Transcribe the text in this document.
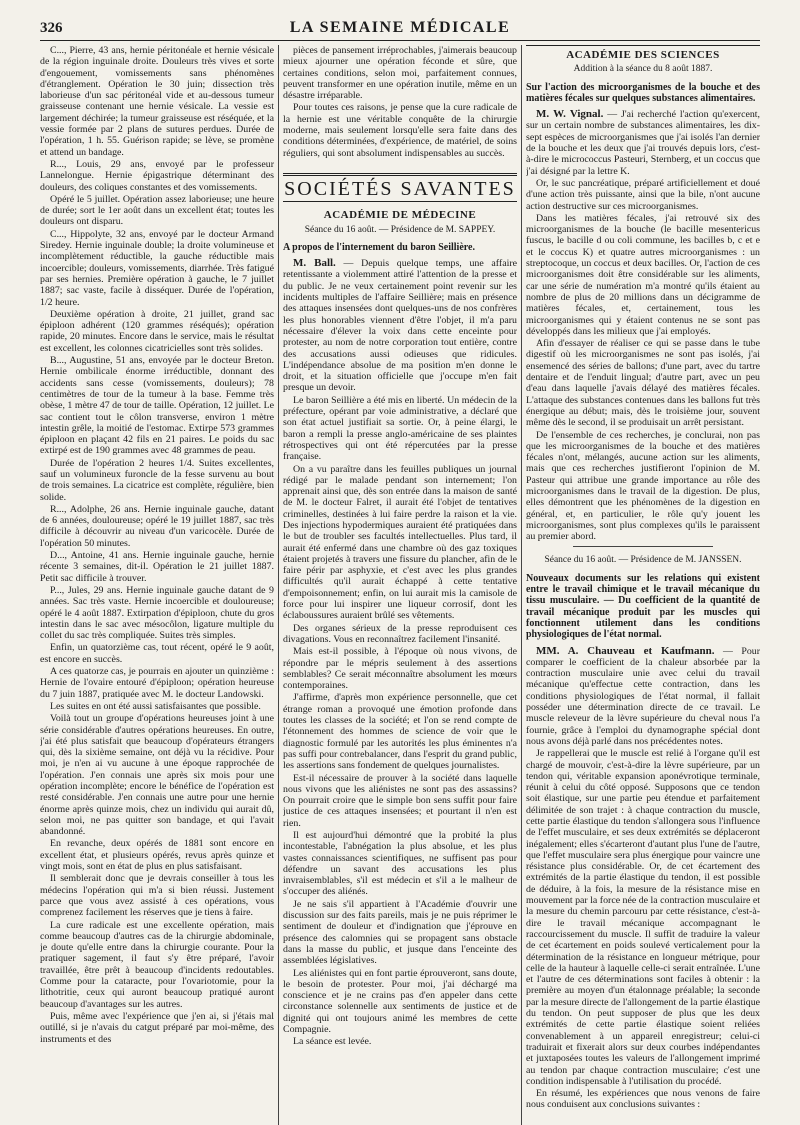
326	LA SEMAINE MÉDICALE

C..., Pierre, 43 ans, hernie péritonéale et hernie vésicale de la région inguinale droite. Douleurs très vives et sorte d'engouement, vomissements sans phénomènes d'étranglement. Opération le 30 juin; dissection très laborieuse d'un sac péritonéal vide et au-dessous tumeur graisseuse contenant une hernie vésicale. La vessie est largement déchirée; la tumeur graisseuse est réséquée, et la vessie formée par 2 plans de sutures perdues. Durée de l'opération, 1 h. 55. Guérison rapide; se lève, se promène et attend un bandage.

R..., Louis, 29 ans, envoyé par le professeur Lannelongue. Hernie épigastrique déterminant des douleurs, des coliques constantes et des vomissements.

Opéré le 5 juillet. Opération assez laborieuse; une heure de durée; sort le 1er août dans un excellent état; toutes les douleurs ont disparu.

C..., Hippolyte, 32 ans, envoyé par le docteur Armand Siredey. Hernie inguinale double; la droite volumineuse et incomplètement réductible, la gauche réductible mais incoercible; douleurs, vomissements, diarrhée. Très fatigué par ses hernies. Première opération à gauche, le 7 juillet 1887; sac vaste, facile à disséquer. Durée de l'opération, 1/2 heure.

Deuxième opération à droite, 21 juillet, grand sac épiploon adhérent (120 grammes réséqués); opération rapide, 20 minutes. Encore dans le service, mais le résultat est excellent, les colonnes cicatricielles sont très solides.

B..., Augustine, 51 ans, envoyée par le docteur Breton. Hernie ombilicale énorme irréductible, donnant des accidents sans cesse (vomissements, douleurs); 78 centimètres de tour de la tumeur à la base. Femme très obèse, 1 mètre 47 de tour de taille. Opération, 12 juillet. Le sac contient tout le côlon transverse, environ 1 mètre intestin grêle, la moitié de l'estomac. Extirpe 573 grammes épiploon en plaçant 42 fils en 21 paires. Le poids du sac extirpé est de 190 grammes avec 48 grammes de peau.

Durée de l'opération 2 heures 1/4. Suites excellentes, sauf un volumineux furoncle de la fesse survenu au bout de trois semaines. La cicatrice est complète, régulière, bien solide.

R..., Adolphe, 26 ans. Hernie inguinale gauche, datant de 6 années, douloureuse; opéré le 19 juillet 1887, sac très difficile à découvrir au niveau d'un varicocèle. Durée de l'opération 50 minutes.

D..., Antoine, 41 ans. Hernie inguinale gauche, hernie récente 3 semaines, dit-il. Opération le 21 juillet 1887. Petit sac difficile à trouver.

P..., Jules, 29 ans. Hernie inguinale gauche datant de 9 années. Sac très vaste. Hernie incoercible et douloureuse; opéré le 4 août 1887. Extirpation d'épiploon, chute du gros intestin dans le sac avec mésocôlon, ligature multiple du collet du sac très compliquée. Suites très simples.

Enfin, un quatorzième cas, tout récent, opéré le 9 août, est encore en succès.

A ces quatorze cas, je pourrais en ajouter un quinzième : Hernie de l'ovaire entouré d'épiploon; opération heureuse du 7 juin 1887, pratiquée avec M. le docteur Landowski.

Les suites en ont été aussi satisfaisantes que possible.

Voilà tout un groupe d'opérations heureuses joint à une série considérable d'autres opérations heureuses. En outre, j'ai été plus satisfait que beaucoup d'opérateurs étrangers qui, dès la sixième semaine, ont déjà vu la récidive. Pour moi, je n'en ai vu aucune à une époque rapprochée de l'opération. J'en connais une après six mois pour une opération incomplète; encore le bénéfice de l'opération est resté considérable. J'en connais une autre pour une hernie énorme après quinze mois, chez un individu qui aurait dû, selon moi, ne pas quitter son bandage, et qui l'avait abandonné.

En revanche, deux opérés de 1881 sont encore en excellent état, et plusieurs opérés, revus après quinze et vingt mois, sont en état de plus en plus satisfaisant.

Il semblerait donc que je devrais conseiller à tous les médecins l'opération qui m'a si bien réussi. Justement parce que vous avez assisté à ces opérations, vous comprenez facilement les réserves que je tiens à faire.

La cure radicale est une excellente opération, mais comme beaucoup d'autres cas de la chirurgie abdominale, je doute qu'elle entre dans la chirurgie courante. Pour la pratiquer sagement, il faut s'y être préparé, l'avoir travaillée, être prêt à beaucoup d'incidents redoutables. Comme pour la cataracte, pour l'ovariotomie, pour la lithotritie, ceux qui auront beaucoup pratiqué auront beaucoup d'avantages sur les autres.

Puis, même avec l'expérience que j'en ai, si j'étais mal outillé, si je n'avais du catgut préparé par moi-même, des instruments et des

pièces de pansement irréprochables, j'aimerais beaucoup mieux ajourner une opération féconde et sûre, que certaines conditions, selon moi, parfaitement connues, peuvent transformer en une opération inutile, même en un désastre irréparable.

Pour toutes ces raisons, je pense que la cure radicale de la hernie est une véritable conquête de la chirurgie moderne, mais seulement lorsqu'elle sera faite dans des conditions déterminées, d'expérience, de matériel, de soins réguliers, qui sont absolument indispensables au succès.

SOCIÉTÉS SAVANTES
ACADÉMIE DE MÉDECINE
Séance du 16 août. — Présidence de M. SAPPEY.
A propos de l'internement du baron Seillière.

M. Ball. — Depuis quelque temps, une affaire retentissante a violemment attiré l'attention de la presse et du public. Je ne veux certainement point revenir sur les incidents multiples de l'affaire Seillière; mais en présence des attaques insensées dont quelques-uns de nos confrères les plus honorables viennent d'être l'objet, il m'a paru nécessaire d'élever la voix dans cette enceinte pour protester, au nom de notre corporation tout entière, contre des accusations aussi odieuses que ridicules. L'indépendance absolue de ma position m'en donne le droit, et la situation officielle que j'occupe m'en fait presque un devoir.

Le baron Seillière a été mis en liberté. Un médecin de la préfecture, opérant par voie administrative, a déclaré que son état actuel justifiait sa sortie. Or, à peine élargi, le baron a rempli la presse anglo-américaine de ses plaintes rétrospectives qui ont été répercutées par la presse française.

On a vu paraître dans les feuilles publiques un journal rédigé par le malade pendant son internement; l'on apprenait ainsi que, dès son entrée dans la maison de santé de M. le docteur Falret, il aurait été l'objet de tentatives criminelles, destinées à lui faire perdre la raison et la vie. Des injections hypodermiques auraient été pratiquées dans le but de troubler ses facultés intellectuelles. Plus tard, il aurait été enfermé dans une chambre où des gaz toxiques étaient projetés à travers une fissure du plancher, afin de le faire périr par asphyxie, et c'est avec les plus grandes difficultés qu'il aurait échappé à cette tentative d'empoisonnement; enfin, on lui aurait mis la camisole de force pour lui inspirer une liqueur corrosif, dont les éclaboussures auraient brûlé ses vêtements.

Des organes sérieux de la presse reproduisent ces divagations. Vous en reconnaîtrez facilement l'insanité.

Mais est-il possible, à l'époque où nous vivons, de répondre par le mépris seulement à des assertions semblables? Ce serait méconnaître absolument les mœurs contemporaines.

J'affirme, d'après mon expérience personnelle, que cet étrange roman a provoqué une émotion profonde dans toutes les classes de la société; et l'on se rend compte de l'étonnement des hommes de science de voir que le diagnostic formulé par les autorités les plus éminentes n'a pas suffi pour contrebalancer, dans l'esprit du grand public, les assertions sans fondement de quelques journalistes.

Est-il nécessaire de prouver à la société dans laquelle nous vivons que les aliénistes ne sont pas des assassins? On pourrait croire que le simple bon sens suffit pour faire justice de ces attaques insensées; et pourtant il n'en est rien.

Il est aujourd'hui démontré que la probité la plus incontestable, l'abnégation la plus absolue, et les plus vastes connaissances scientifiques, ne suffisent pas pour défendre un savant des accusations les plus invraisemblables, s'il est médecin et s'il a le malheur de s'occuper des aliénés.

Je ne sais s'il appartient à l'Académie d'ouvrir une discussion sur des faits pareils, mais je ne puis réprimer le sentiment de douleur et d'indignation que j'éprouve en présence des calomnies qui se propagent sans obstacle dans la masse du public, et jusque dans l'enceinte des assemblées législatives.

Les aliénistes qui en font partie éprouveront, sans doute, le besoin de protester. Pour moi, j'ai déchargé ma conscience et je ne crains pas d'en appeler dans cette circonstance solennelle aux sentiments de justice et de dignité qui ont toujours animé les membres de cette Compagnie.

La séance est levée.

ACADÉMIE DES SCIENCES
Addition à la séance du 8 août 1887.
Sur l'action des microorganismes de la bouche et des matières fécales sur quelques substances alimentaires.

M. W. Vignal. — J'ai recherché l'action qu'exercent, sur un certain nombre de substances alimentaires, les dix-sept espèces de microorganismes que j'ai isolés l'an dernier de la bouche et les deux que j'ai trouvés depuis lors, c'est-à-dire le micrococcus Pasteuri, Sternberg, et un coccus que j'ai désigné par la lettre K.

Or, le suc pancréatique, préparé artificiellement et doué d'une action très puissante, ainsi que la bile, n'ont aucune action destructive sur ces microorganismes.

Dans les matières fécales, j'ai retrouvé six des microorganismes de la bouche (le bacille mesentericus fuscus, le bacille d ou coli commune, les bacilles b, c et e et le coccus K) et quatre autres microorganismes : un streptocoque, un coccus et deux bacilles. Or, l'action de ces microorganismes doit être considérable sur les aliments, car une série de numération m'a montré qu'ils étaient au nombre de plus de 20 millions dans un décigramme de matières fécales, et, certainement, tous les microorganismes qui y étaient contenus ne se sont pas développés dans les milieux que j'ai employés.

Afin d'essayer de réaliser ce qui se passe dans le tube digestif où les microorganismes ne sont pas isolés, j'ai ensemencé des séries de ballons; d'une part, avec du tartre dentaire et de l'enduit lingual; d'autre part, avec un peu d'eau dans laquelle j'avais délayé des matières fécales. L'attaque des substances contenues dans les ballons fut très énergique au début; mais, dès le troisième jour, souvent même dès le second, il se produisait un arrêt persistant.

De l'ensemble de ces recherches, je conclurai, non pas que les microorganismes de la bouche et des matières fécales n'ont, mélangés, aucune action sur les aliments, mais que ces recherches justifieront l'opinion de M. Pasteur qui attribue une grande importance au rôle des microorganismes dans le travail de la digestion. De plus, elles démontrent que les phénomènes de la digestion en général, et, en particulier, le rôle qu'y jouent les microorganismes, sont plus complexes qu'ils le paraissent au premier abord.

Séance du 16 août. — Présidence de M. JANSSEN.
Nouveaux documents sur les relations qui existent entre le travail chimique et le travail mécanique du tissu musculaire. — Du coefficient de la quantité de travail mécanique produit par les muscles qui fonctionnent utilement dans les conditions physiologiques de l'état normal.

MM. A. Chauveau et Kaufmann. — Pour comparer le coefficient de la chaleur absorbée par la contraction musculaire unie avec celui du travail mécanique qu'effectue cette contraction, dans les conditions physiologiques de l'état normal, il fallait posséder une détermination directe de ce travail. Le muscle releveur de la lèvre supérieure du cheval nous l'a fournie, grâce à l'emploi du dynamographe spécial dont nous avons déjà parlé dans nos précédentes notes.

Je rappellerai que le muscle est relié à l'organe qu'il est chargé de mouvoir, c'est-à-dire la lèvre supérieure, par un tendon qui, véritable expansion aponévrotique terminale, réunit à celui du côté opposé. Supposons que ce tendon soit élastique, sur une partie peu étendue et parfaitement délimitée de son trajet : à chaque contraction du muscle, cette partie élastique du tendon s'allongera sous l'influence de l'effet musculaire, et ses deux extrémités se déplaceront inégalement; elles s'écarteront d'autant plus l'une de l'autre, que l'effet musculaire sera plus énergique pour vaincre une résistance plus considérable. Or, de cet écartement des extrémités de la partie élastique du tendon, il est possible de déduire, à la fois, la mesure de la résistance mise en mouvement par la force née de la contraction musculaire et la mesure du chemin parcouru par cette résistance, c'est-à-dire le travail mécanique accompagnant le raccourcissement du muscle. Il suffit de traduire la valeur de cet écartement en poids soulevé verticalement pour la détermination de la résistance en longueur métrique, pour celle de la hauteur à laquelle celle-ci serait entraînée. L'une et l'autre de ces déterminations sont faciles à obtenir : la première au moyen d'un étalonnage préalable; la seconde par la mesure directe de l'allongement de la partie élastique du tendon. On peut supposer de plus que les deux extrémités de cette partie élastique soient reliées convenablement à un appareil enregistreur; celui-ci traduirait et fixerait alors sur deux courbes indépendantes et juxtaposées toutes les valeurs de l'allongement imprimé au tendon par chaque contraction musculaire; c'est une condition indispensable à l'utilisation du procédé.

En résumé, les expériences que nous venons de faire nous conduisent aux conclusions suivantes :
